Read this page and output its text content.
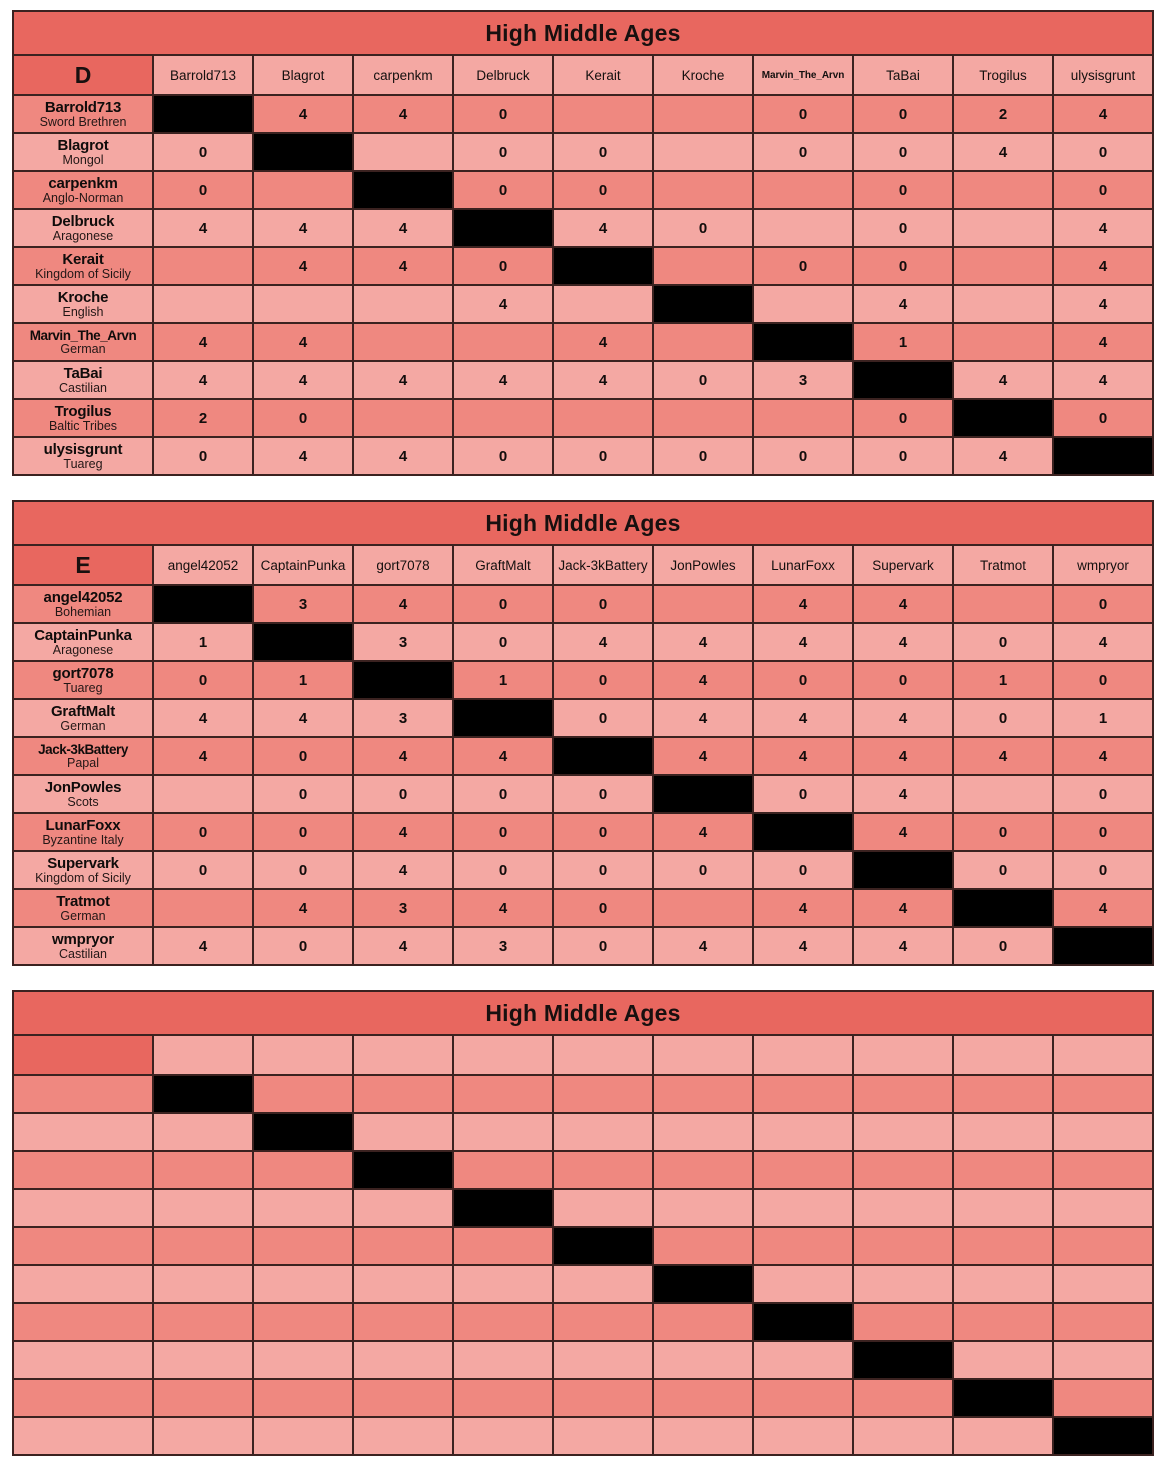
High Middle Ages										
D	Barrold713	Blagrot	carpenkm	Delbruck	Kerait	Kroche	Marvin_The_Arvn	TaBai	Trogilus	ulysisgrunt

Barrold713
Sword Brethren		4	4	0			0	0	2	4

Blagrot
Mongol	0			0	0		0	0	4	0

carpenkm
Anglo-Norman	0			0	0			0		0

Delbruck
Aragonese	4	4	4		4	0		0		4

Kerait
Kingdom of Sicily		4	4	0			0	0		4

Kroche
English				4				4		4

Marvin_The_Arvn
German	4	4			4			1		4

TaBai
Castilian	4	4	4	4	4	0	3		4	4

Trogilus
Baltic Tribes	2	0						0		0

ulysisgrunt
Tuareg	0	4	4	0	0	0	0	0	4	
High Middle Ages										
E	angel42052	CaptainPunka	gort7078	GraftMalt	Jack-3kBattery	JonPowles	LunarFoxx	Supervark	Tratmot	wmpryor

angel42052
Bohemian		3	4	0	0		4	4		0

CaptainPunka
Aragonese	1		3	0	4	4	4	4	0	4

gort7078
Tuareg	0	1		1	0	4	0	0	1	0

GraftMalt
German	4	4	3		0	4	4	4	0	1

Jack-3kBattery
Papal	4	0	4	4		4	4	4	4	4

JonPowles
Scots		0	0	0	0		0	4		0

LunarFoxx
Byzantine Italy	0	0	4	0	0	4		4	0	0

Supervark
Kingdom of Sicily	0	0	4	0	0	0	0		0	0

Tratmot
German		4	3	4	0		4	4		4

wmpryor
Castilian	4	0	4	3	0	4	4	4	0	
High Middle Ages										
